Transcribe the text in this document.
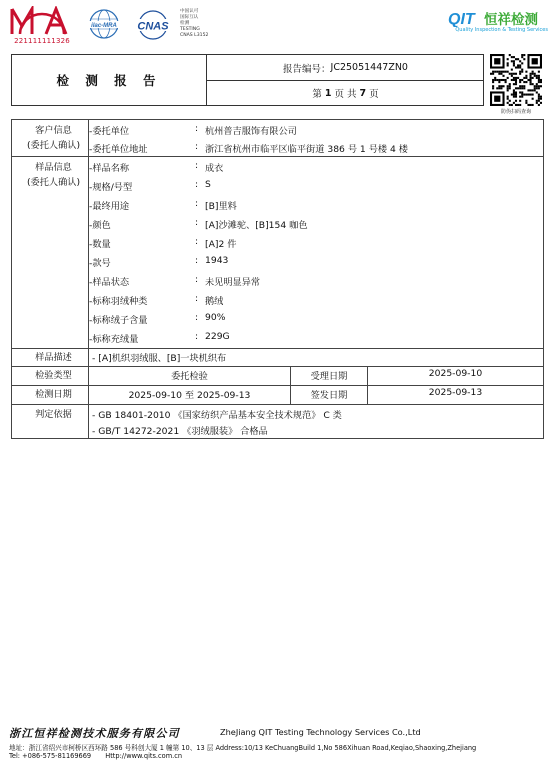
221111111326
ilac-MRA CNAS
中国认可
国际互认
检测
TESTING
CNAS L3152
QIT 恒祥检测
Quality Inspection & Testing Services
检 测 报 告
报告编号： JC25051447ZN0
第 1 页 共 7 页
防伪扫码查询
客户信息
(委托人确认)
-委托单位	: 杭州普吉服饰有限公司
-委托单位地址	: 浙江省杭州市临平区临平街道 386 号 1 号楼 4 楼
样品信息
(委托人确认)
-样品名称	: 成衣
-规格/号型	: S
-最终用途	: [B]里料
-颜色	: [A]沙滩驼、[B]154 咖色
-数量	: [A]2 件
-款号	: 1943
-样品状态	: 未见明显异常
-标称羽绒种类	: 鹅绒
-标称绒子含量	: 90%
-标称充绒量	: 229G
样品描述	- [A]机织羽绒服、[B]一块机织布
检验类型	委托检验	受理日期	2025-09-10
检测日期	2025-09-10 至 2025-09-13	签发日期	2025-09-13
判定依据	- GB 18401-2010 《国家纺织产品基本安全技术规范》 C 类
- GB/T 14272-2021 《羽绒服装》 合格品
浙江恒祥检测技术服务有限公司	ZheJiang QIT Testing Technology Services Co.,Ltd
地址：浙江省绍兴市柯桥区西环路 586 号科创大厦 1 幢第 10、13 层 Address:10/13 KeChuangBuild 1,No 586Xihuan Road,Keqiao,Shaoxing,Zhejiang
Tel: +086-575-81169669 Http://www.qits.com.cn
